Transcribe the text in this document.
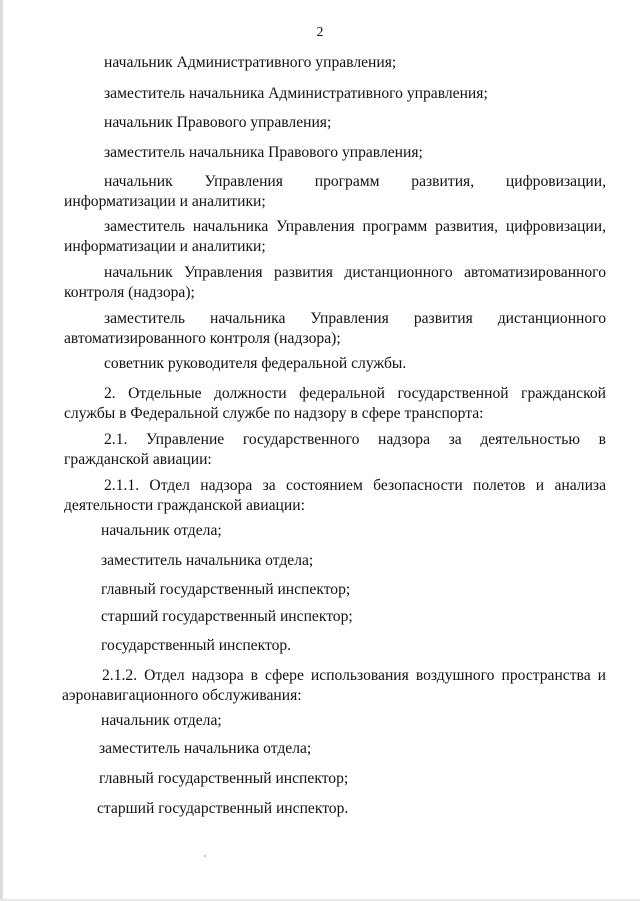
2
начальник Административного управления;
заместитель начальника Административного управления;
начальник Правового управления;
заместитель начальника Правового управления;
начальник Управления программ развития, цифровизации, информатизации и аналитики;
заместитель начальника Управления программ развития, цифровизации, информатизации и аналитики;
начальник Управления развития дистанционного автоматизированного контроля (надзора);
заместитель начальника Управления развития дистанционного автоматизированного контроля (надзора);
советник руководителя федеральной службы.
2. Отдельные должности федеральной государственной гражданской службы в Федеральной службе по надзору в сфере транспорта:
2.1. Управление государственного надзора за деятельностью в гражданской авиации:
2.1.1. Отдел надзора за состоянием безопасности полетов и анализа деятельности гражданской авиации:
начальник отдела;
заместитель начальника отдела;
главный государственный инспектор;
старший государственный инспектор;
государственный инспектор.
2.1.2. Отдел надзора в сфере использования воздушного пространства и аэронавигационного обслуживания:
начальник отдела;
заместитель начальника отдела;
главный государственный инспектор;
старший государственный инспектор.
